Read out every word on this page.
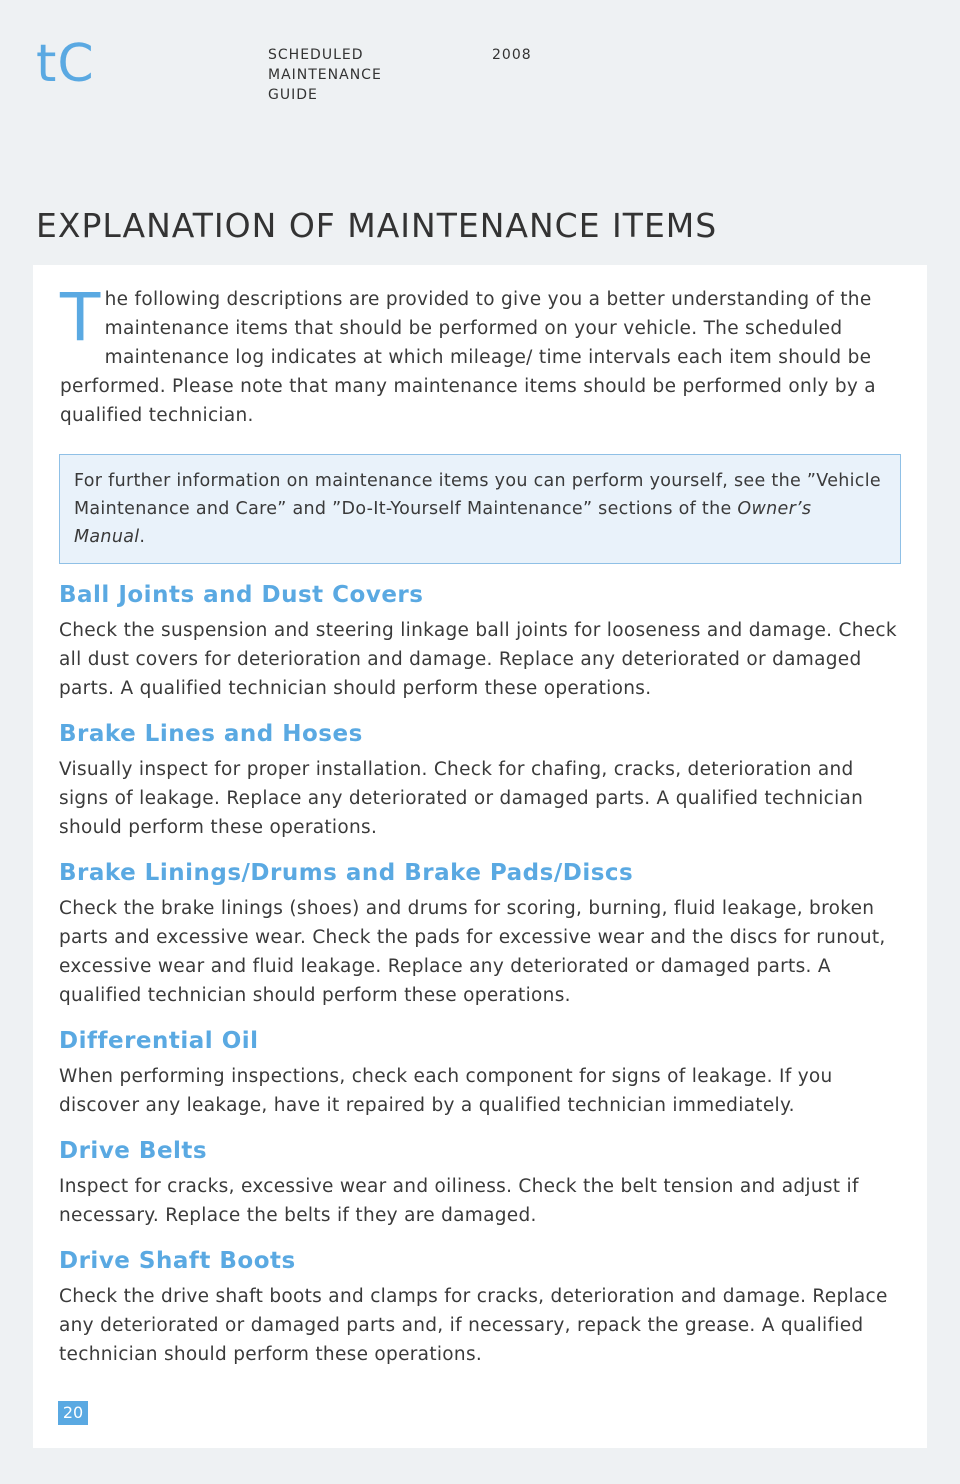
tC	SCHEDULED
MAINTENANCE
GUIDE
2008
EXPLANATION OF MAINTENANCE ITEMS

The following descriptions are provided to give you a better understanding of the maintenance items that should be performed on your vehicle. The scheduled maintenance log indicates at which mileage/ time intervals each item should be performed. Please note that many maintenance items should be performed only by a qualified technician.

For further information on maintenance items you can perform yourself, see the ”Vehicle Maintenance and Care” and ”Do-It-Yourself Maintenance” sections of the Owner’s Manual.

Ball Joints and Dust Covers

Check the suspension and steering linkage ball joints for looseness and damage. Check all dust covers for deterioration and damage. Replace any deteriorated or damaged parts. A qualified technician should perform these operations.

Brake Lines and Hoses

Visually inspect for proper installation. Check for chafing, cracks, deterioration and signs of leakage. Replace any deteriorated or damaged parts. A qualified technician should perform these operations.

Brake Linings/Drums and Brake Pads/Discs

Check the brake linings (shoes) and drums for scoring, burning, fluid leakage, broken parts and excessive wear. Check the pads for excessive wear and the discs for runout, excessive wear and fluid leakage. Replace any deteriorated or damaged parts. A qualified technician should perform these operations.

Differential Oil

When performing inspections, check each component for signs of leakage. If you discover any leakage, have it repaired by a qualified technician immediately.

Drive Belts

Inspect for cracks, excessive wear and oiliness. Check the belt tension and adjust if necessary. Replace the belts if they are damaged.

Drive Shaft Boots

Check the drive shaft boots and clamps for cracks, deterioration and damage. Replace any deteriorated or damaged parts and, if necessary, repack the grease. A qualified technician should perform these operations.

20
